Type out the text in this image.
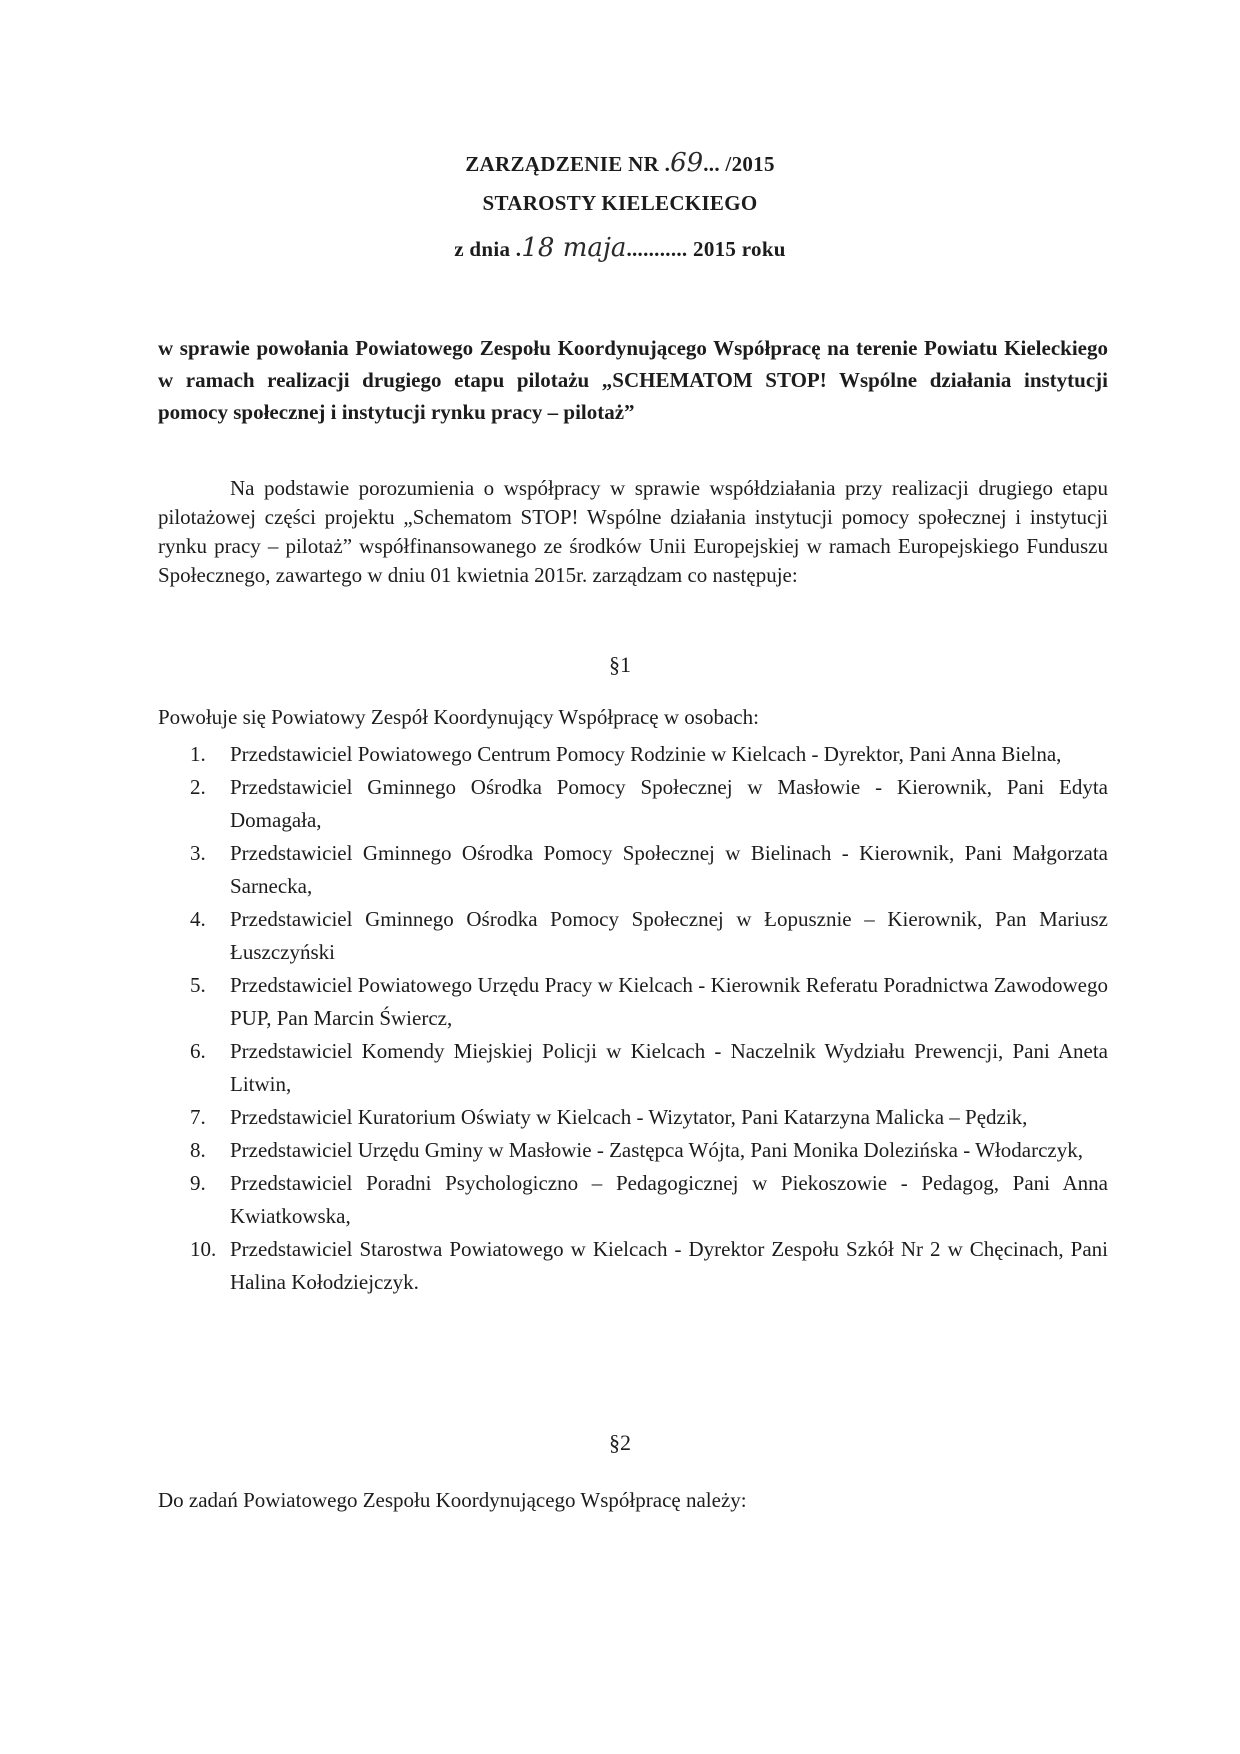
ZARZĄDZENIE NR .69... /2015
STAROSTY KIELECKIEGO
z dnia .18 maja........... 2015 roku
w sprawie powołania Powiatowego Zespołu Koordynującego Współpracę na terenie Powiatu Kieleckiego w ramach realizacji drugiego etapu pilotażu „SCHEMATOM STOP! Wspólne działania instytucji pomocy społecznej i instytucji rynku pracy – pilotaż”
Na podstawie porozumienia o współpracy w sprawie współdziałania przy realizacji drugiego etapu pilotażowej części projektu „Schematom STOP! Wspólne działania instytucji pomocy społecznej i instytucji rynku pracy – pilotaż” współfinansowanego ze środków Unii Europejskiej w ramach Europejskiego Funduszu Społecznego, zawartego w dniu 01 kwietnia 2015r. zarządzam co następuje:
§1
Powołuje się Powiatowy Zespół Koordynujący Współpracę w osobach:
1.	Przedstawiciel Powiatowego Centrum Pomocy Rodzinie w Kielcach - Dyrektor, Pani Anna Bielna,
2.	Przedstawiciel Gminnego Ośrodka Pomocy Społecznej w Masłowie - Kierownik, Pani Edyta Domagała,
3.	Przedstawiciel Gminnego Ośrodka Pomocy Społecznej w Bielinach - Kierownik, Pani Małgorzata Sarnecka,
4.	Przedstawiciel Gminnego Ośrodka Pomocy Społecznej w Łopusznie – Kierownik, Pan Mariusz Łuszczyński
5.	Przedstawiciel Powiatowego Urzędu Pracy w Kielcach - Kierownik Referatu Poradnictwa Zawodowego PUP, Pan Marcin Świercz,
6.	Przedstawiciel Komendy Miejskiej Policji w Kielcach - Naczelnik Wydziału Prewencji, Pani Aneta Litwin,
7.	Przedstawiciel Kuratorium Oświaty w Kielcach - Wizytator, Pani Katarzyna Malicka – Pędzik,
8.	Przedstawiciel Urzędu Gminy w Masłowie - Zastępca Wójta, Pani Monika Dolezińska - Włodarczyk,
9.	Przedstawiciel Poradni Psychologiczno – Pedagogicznej w Piekoszowie - Pedagog, Pani Anna Kwiatkowska,
10. Przedstawiciel Starostwa Powiatowego w Kielcach - Dyrektor Zespołu Szkół Nr 2 w Chęcinach, Pani Halina Kołodziejczyk.
§2
Do zadań Powiatowego Zespołu Koordynującego Współpracę należy:
